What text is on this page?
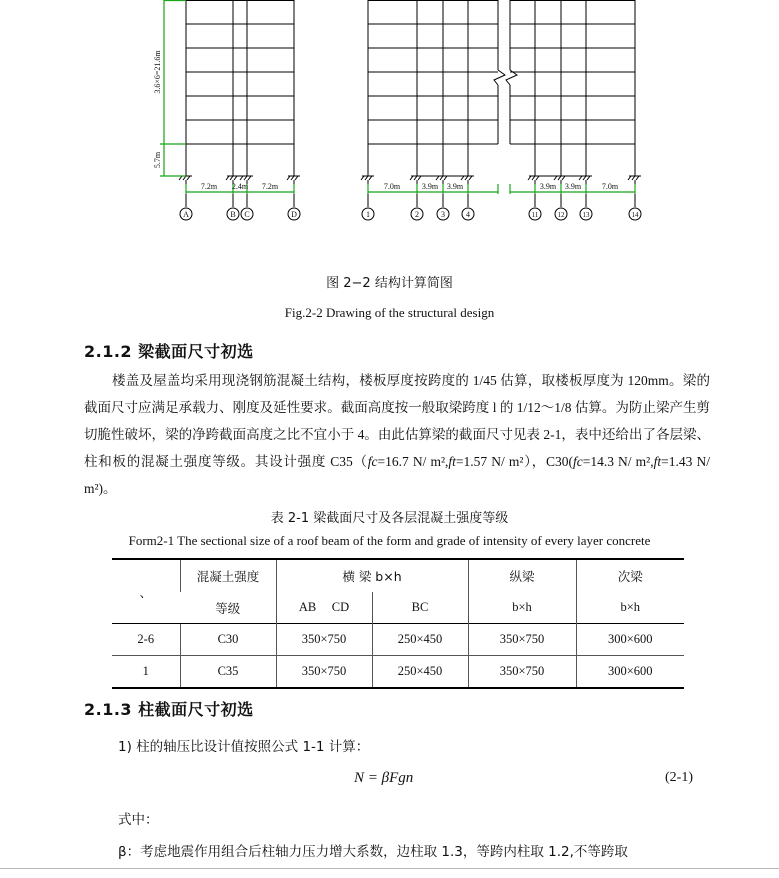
3.6×6=21.6m
5.7m
7.2m 2.4m 7.2m	7.0m	3.9m 3.9m	3.9m 3.9m	7.0m
A	B C	D	1	2	3	4	11	12	13	14
图 2−2 结构计算简图
Fig.2-2 Drawing of the structural design
2.1.2 梁截面尺寸初选
楼盖及屋盖均采用现浇钢筋混凝土结构，楼板厚度按跨度的 1/45 估算，取楼板厚度为 120mm。梁的截面尺寸应满足承载力、刚度及延性要求。截面高度按一般取梁跨度 l 的 1/12～1/8 估算。为防止梁产生剪切脆性破坏，梁的净跨截面高度之比不宜小于 4。由此估算梁的截面尺寸见表 2-1，表中还给出了各层梁、柱和板的混凝土强度等级。其设计强度 C35（fc=16.7 N/ m²,ft=1.57 N/ m²），C30(fc=14.3 N/ m²,ft=1.43 N/ m²)。
表 2-1 梁截面尺寸及各层混凝土强度等级
Form2-1 The sectional size of a roof beam of the form and grade of intensity of every layer concrete
、	混凝土强度	横 梁 b×h		纵梁	次梁
	等级	AB     CD	BC	b×h	b×h
2-6	C30	350×750	250×450	350×750	300×600
1	C35	350×750	250×450	350×750	300×600
2.1.3 柱截面尺寸初选
1) 柱的轴压比设计值按照公式 1-1 计算：
N = βFgn	(2-1)
式中：
β：考虑地震作用组合后柱轴力压力增大系数，边柱取 1.3，等跨内柱取 1.2,不等跨取
